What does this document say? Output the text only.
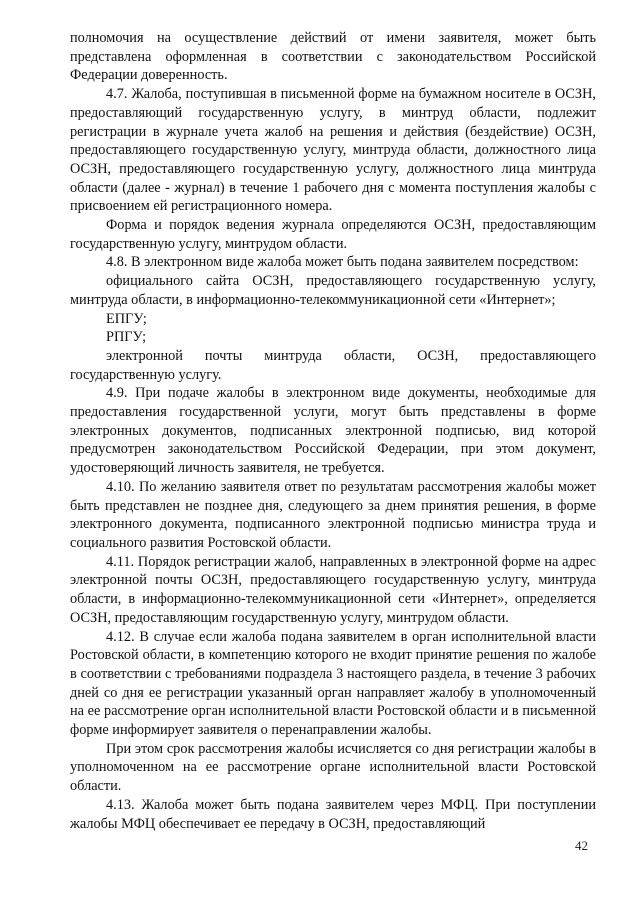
полномочия на осуществление действий от имени заявителя, может быть представлена оформленная в соответствии с законодательством Российской Федерации доверенность.

4.7. Жалоба, поступившая в письменной форме на бумажном носителе в ОСЗН, предоставляющий государственную услугу, в минтруд области, подлежит регистрации в журнале учета жалоб на решения и действия (бездействие) ОСЗН, предоставляющего государственную услугу, минтруда области, должностного лица ОСЗН, предоставляющего государственную услугу, должностного лица минтруда области (далее - журнал) в течение 1 рабочего дня с момента поступления жалобы с присвоением ей регистрационного номера.

Форма и порядок ведения журнала определяются ОСЗН, предоставляющим государственную услугу, минтрудом области.

4.8. В электронном виде жалоба может быть подана заявителем посредством:

официального сайта ОСЗН, предоставляющего государственную услугу, минтруда области, в информационно-телекоммуникационной сети «Интернет»;

ЕПГУ;

РПГУ;

электронной почты минтруда области, ОСЗН, предоставляющего государственную услугу.

4.9. При подаче жалобы в электронном виде документы, необходимые для предоставления государственной услуги, могут быть представлены в форме электронных документов, подписанных электронной подписью, вид которой предусмотрен законодательством Российской Федерации, при этом документ, удостоверяющий личность заявителя, не требуется.

4.10. По желанию заявителя ответ по результатам рассмотрения жалобы может быть представлен не позднее дня, следующего за днем принятия решения, в форме электронного документа, подписанного электронной подписью министра труда и социального развития Ростовской области.

4.11. Порядок регистрации жалоб, направленных в электронной форме на адрес электронной почты ОСЗН, предоставляющего государственную услугу, минтруда области, в информационно-телекоммуникационной сети «Интернет», определяется ОСЗН, предоставляющим государственную услугу, минтрудом области.

4.12. В случае если жалоба подана заявителем в орган исполнительной власти Ростовской области, в компетенцию которого не входит принятие решения по жалобе в соответствии с требованиями подраздела 3 настоящего раздела, в течение 3 рабочих дней со дня ее регистрации указанный орган направляет жалобу в уполномоченный на ее рассмотрение орган исполнительной власти Ростовской области и в письменной форме информирует заявителя о перенаправлении жалобы.

При этом срок рассмотрения жалобы исчисляется со дня регистрации жалобы в уполномоченном на ее рассмотрение органе исполнительной власти Ростовской области.

4.13. Жалоба может быть подана заявителем через МФЦ. При поступлении жалобы МФЦ обеспечивает ее передачу в ОСЗН, предоставляющий

42
